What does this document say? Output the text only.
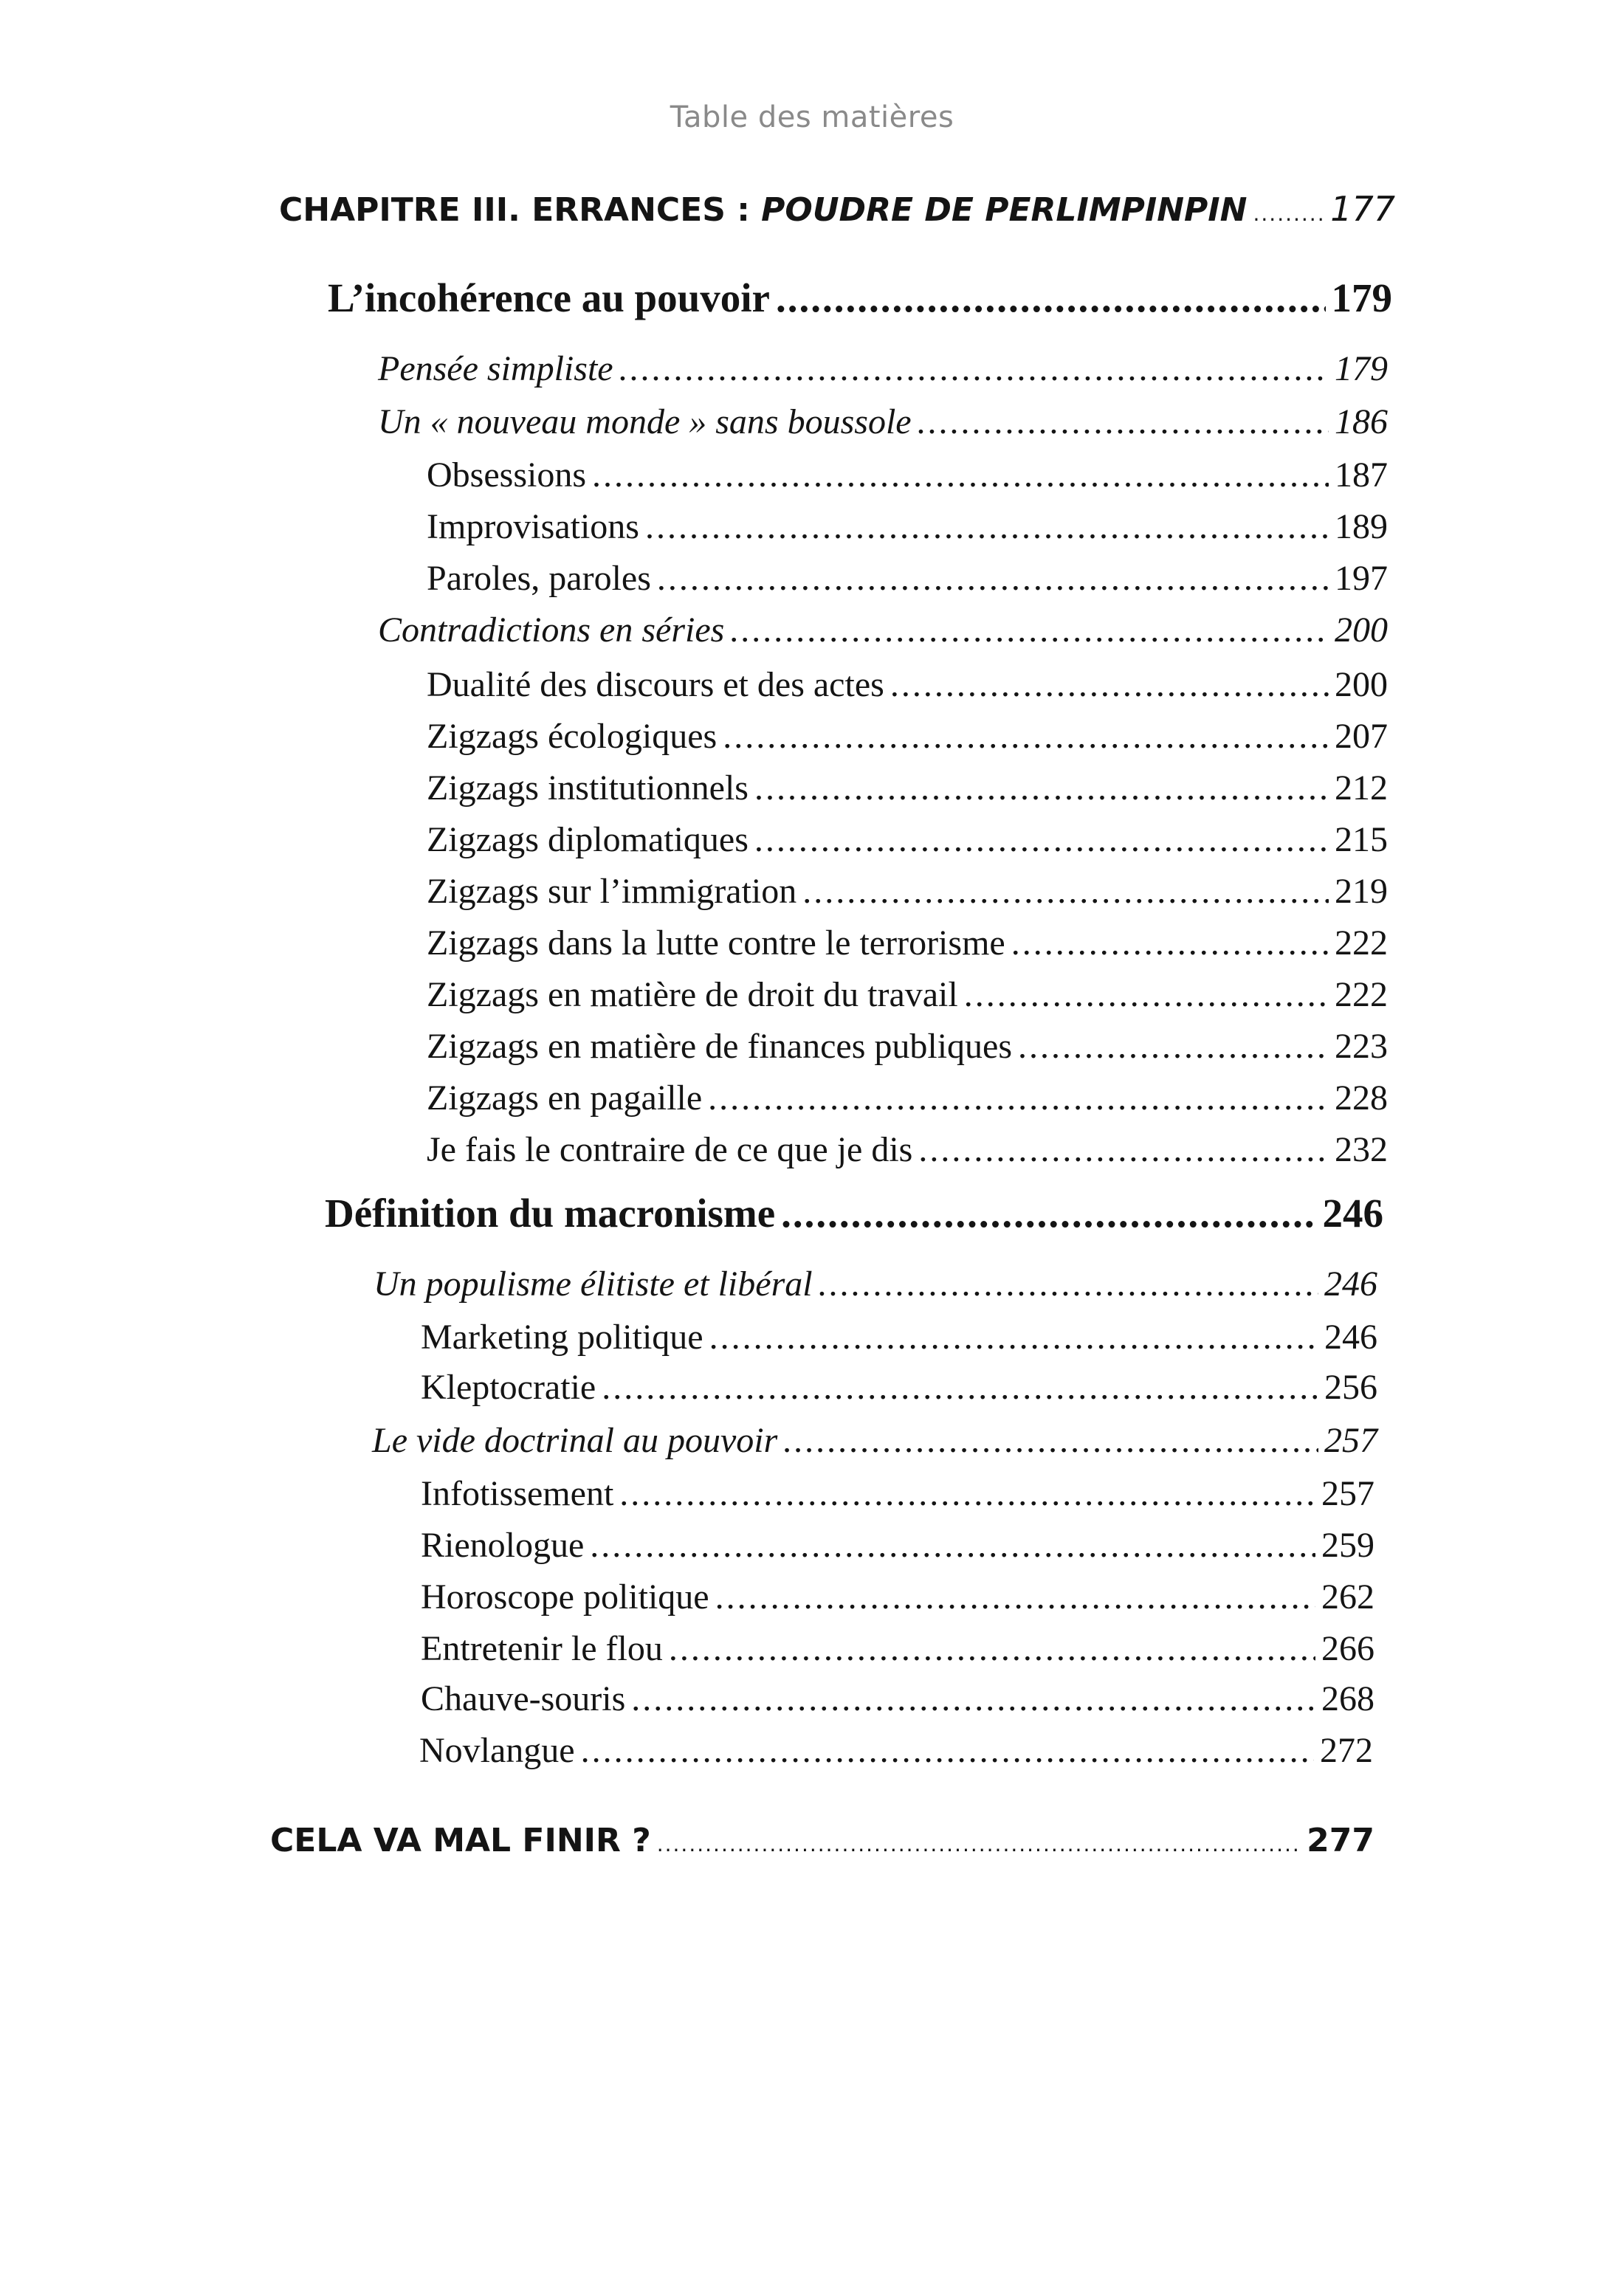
Table des matières
CHAPITRE III. ERRANCES : POUDRE DE PERLIMPINPIN ..... 177
L’incohérence au pouvoir .....	179
Pensée simpliste .....	179
Un « nouveau monde » sans boussole .....	186
Obsessions .....	187
Improvisations .....	189
Paroles, paroles .....	197
Contradictions en séries .....	200
Dualité des discours et des actes .....	200
Zigzags écologiques .....	207
Zigzags institutionnels .....	212
Zigzags diplomatiques .....	215
Zigzags sur l’immigration .....	219
Zigzags dans la lutte contre le terrorisme .....	222
Zigzags en matière de droit du travail .....	222
Zigzags en matière de finances publiques .....	223
Zigzags en pagaille .....	228
Je fais le contraire de ce que je dis .....	232
Définition du macronisme .....	246
Un populisme élitiste et libéral .....	246
Marketing politique .....	246
Kleptocratie .....	256
Le vide doctrinal au pouvoir .....	257
Infotissement .....	257
Rienologue .....	259
Horoscope politique .....	262
Entretenir le flou .....	266
Chauve-souris .....	268
Novlangue .....	272
CELA VA MAL FINIR ? .....	277
